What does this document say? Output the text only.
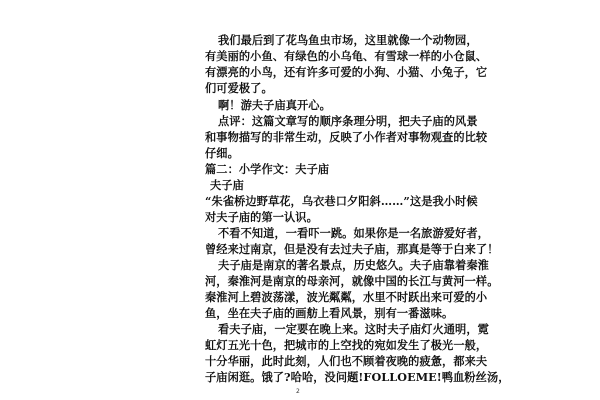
我们最后到了花鸟鱼虫市场，这里就像一个动物园，
有美丽的小鱼、有绿色的小乌龟、有雪球一样的小仓鼠、
有漂亮的小鸟，还有许多可爱的小狗、小猫、小兔子，它
们可爱极了。
啊！游夫子庙真开心。
点评：这篇文章写的顺序条理分明，把夫子庙的风景
和事物描写的非常生动，反映了小作者对事物观查的比较
仔细。
篇二：小学作文：夫子庙
夫子庙
“朱雀桥边野草花，乌衣巷口夕阳斜……”这是我小时候
对夫子庙的第一认识。
不看不知道，一看吓一跳。如果你是一名旅游爱好者，
曾经来过南京，但是没有去过夫子庙，那真是等于白来了！
夫子庙是南京的著名景点，历史悠久。夫子庙靠着秦淮
河，秦淮河是南京的母亲河，就像中国的长江与黄河一样。
秦淮河上碧波荡漾，波光粼粼，水里不时跃出来可爱的小
鱼，坐在夫子庙的画舫上看风景，别有一番滋味。
看夫子庙，一定要在晚上来。这时夫子庙灯火通明，霓
虹灯五光十色，把城市的上空找的宛如发生了极光一般，
十分华丽，此时此刻，人们也不顾着夜晚的疲惫，都来夫
子庙闲逛。饿了?哈哈，没问题!FOLLOEME!鸭血粉丝汤，
2
